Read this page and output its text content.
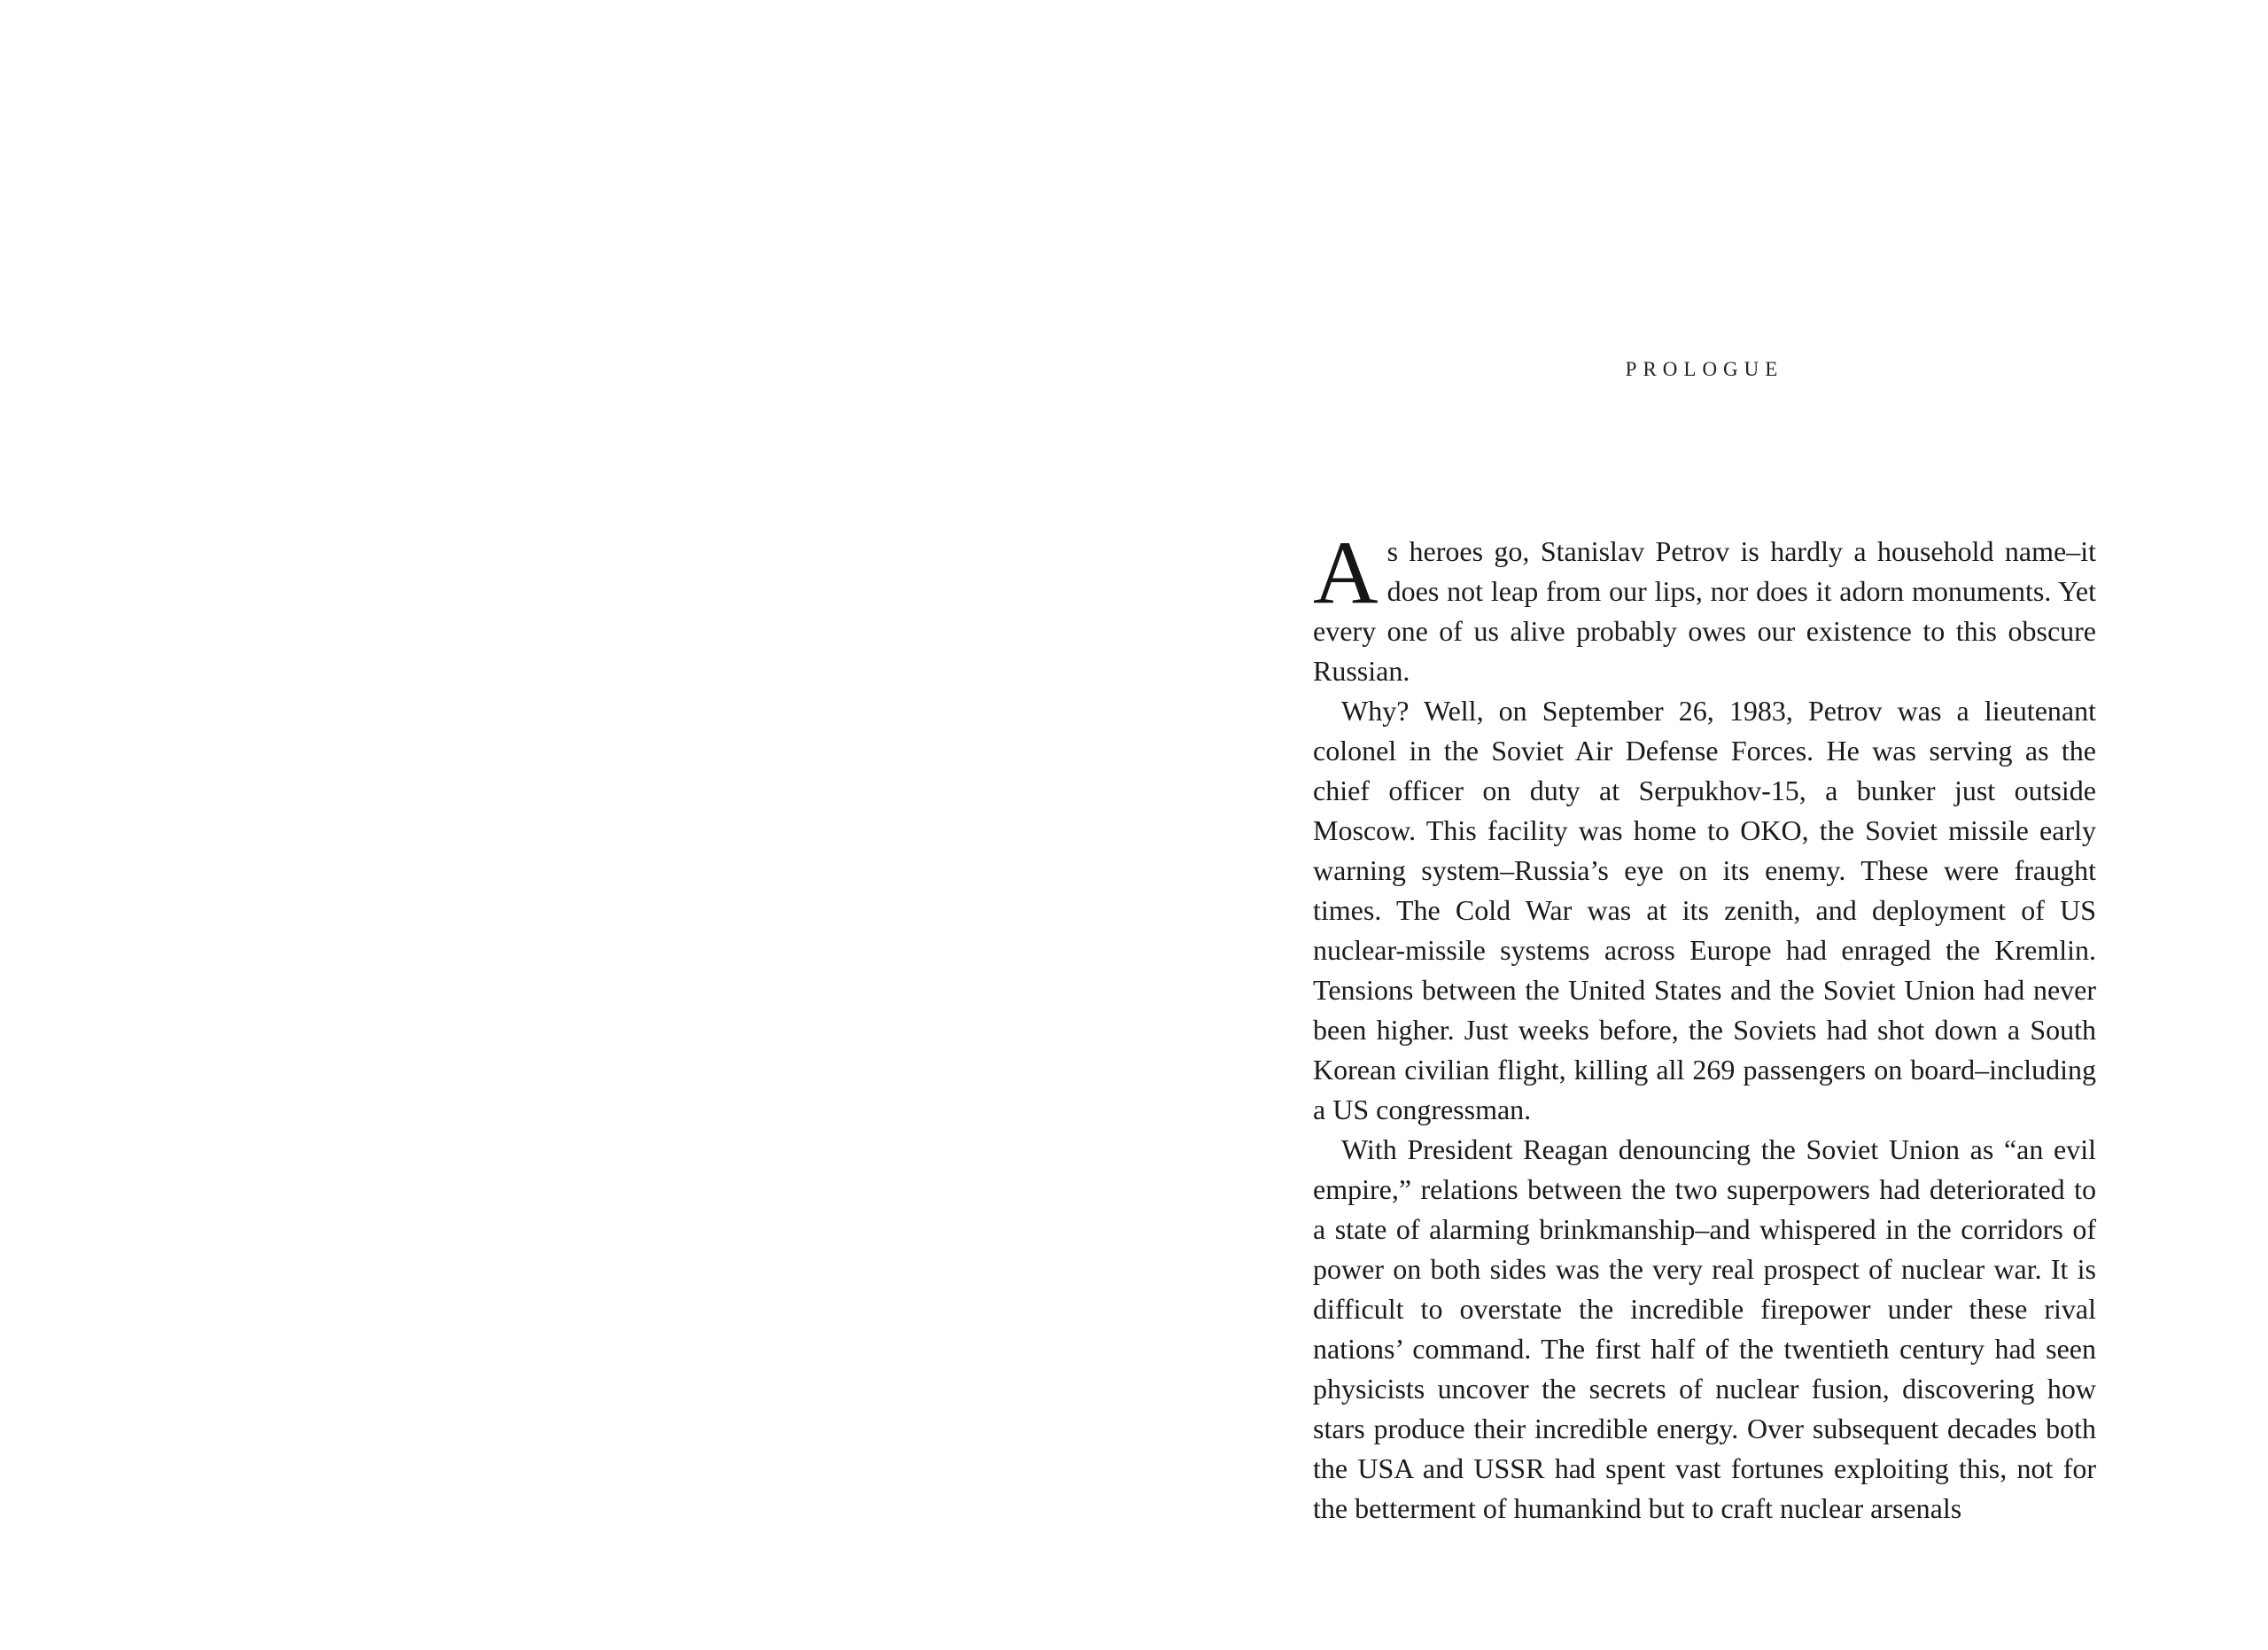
PROLOGUE

As heroes go, Stanislav Petrov is hardly a household name–it does not leap from our lips, nor does it adorn monuments. Yet every one of us alive probably owes our existence to this obscure Russian.

Why? Well, on September 26, 1983, Petrov was a lieutenant colonel in the Soviet Air Defense Forces. He was serving as the chief officer on duty at Serpukhov-15, a bunker just outside Moscow. This facility was home to OKO, the Soviet missile early warning system–Russia’s eye on its enemy. These were fraught times. The Cold War was at its zenith, and deployment of US nuclear-missile systems across Europe had enraged the Kremlin. Tensions between the United States and the Soviet Union had never been higher. Just weeks before, the Soviets had shot down a South Korean civilian flight, killing all 269 passengers on board–including a US congressman.

With President Reagan denouncing the Soviet Union as “an evil empire,” relations between the two superpowers had deteriorated to a state of alarming brinkmanship–and whispered in the corridors of power on both sides was the very real prospect of nuclear war. It is difficult to overstate the incredible firepower under these rival nations’ command. The first half of the twentieth century had seen physicists uncover the secrets of nuclear fusion, discovering how stars produce their incredible energy. Over subsequent decades both the USA and USSR had spent vast fortunes exploiting this, not for the betterment of humankind but to craft nuclear arsenals
